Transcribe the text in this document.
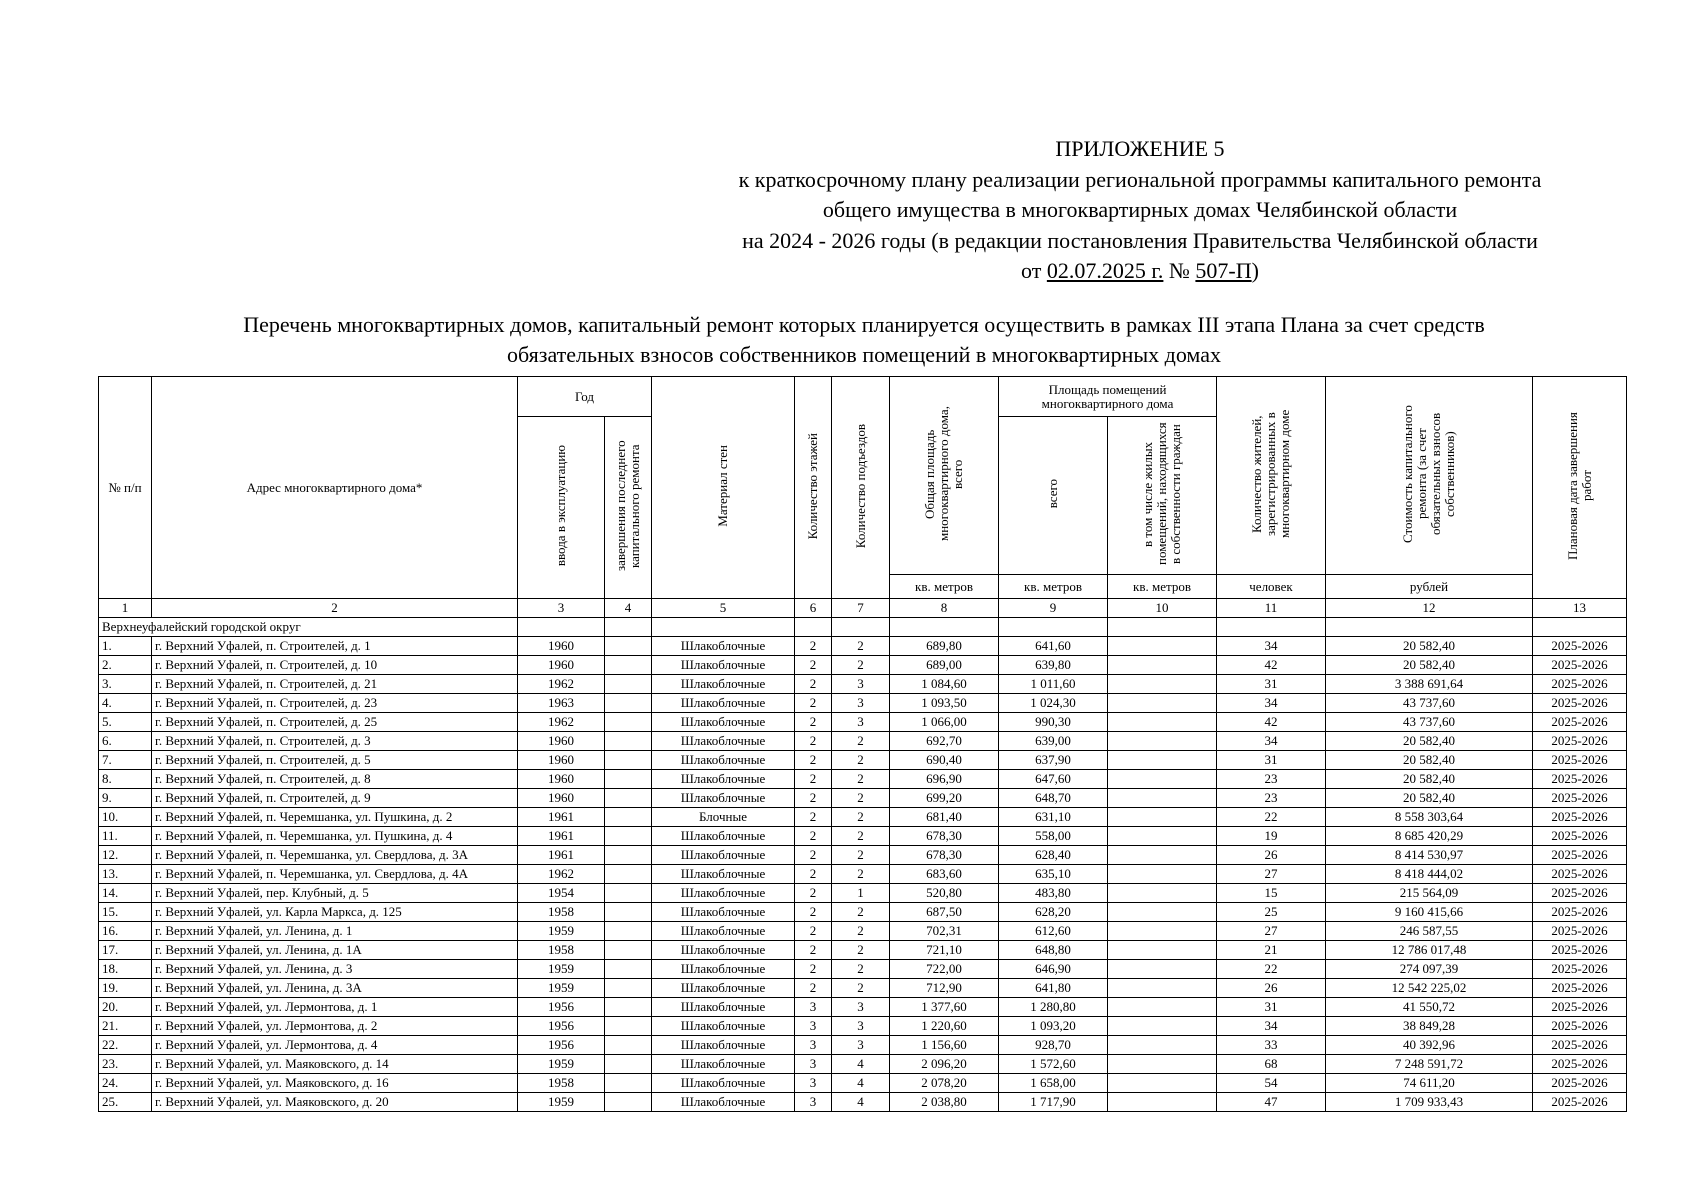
ПРИЛОЖЕНИЕ 5
к краткосрочному плану реализации региональной программы капитального ремонта
общего имущества в многоквартирных домах Челябинской области
на 2024 - 2026 годы (в редакции постановления Правительства Челябинской области
от 02.07.2025 г. № 507-П)
Перечень многоквартирных домов, капитальный ремонт которых планируется осуществить в рамках III этапа Плана за счет средств
обязательных взносов собственников помещений в многоквартирных домах
№ п/п	Адрес многоквартирного дома*	Год		Материал стен	Количество этажей	Количество подъездов	Общая площадь многоквартирного дома, всего	Площадь помещений многоквартирного дома		Количество жителей, зарегистрированных в многоквартирном доме	Стоимость капитального ремонта (за счет обязательных взносов собственников)	Плановая дата завершения работ
		ввода в эксплуатацию	завершения последнего капитального ремонта					всего	в том числе жилых помещений, находящихся в собственности граждан			
							кв. метров	кв. метров	кв. метров	человек	рублей	
1	2	3	4	5	6	7	8	9	10	11	12	13
Верхнеуфалейский городской округ												
1.	г. Верхний Уфалей, п. Строителей, д. 1	1960		Шлакоблочные	2	2	689,80	641,60		34	20 582,40	2025-2026
2.	г. Верхний Уфалей, п. Строителей, д. 10	1960		Шлакоблочные	2	2	689,00	639,80		42	20 582,40	2025-2026
3.	г. Верхний Уфалей, п. Строителей, д. 21	1962		Шлакоблочные	2	3	1 084,60	1 011,60		31	3 388 691,64	2025-2026
4.	г. Верхний Уфалей, п. Строителей, д. 23	1963		Шлакоблочные	2	3	1 093,50	1 024,30		34	43 737,60	2025-2026
5.	г. Верхний Уфалей, п. Строителей, д. 25	1962		Шлакоблочные	2	3	1 066,00	990,30		42	43 737,60	2025-2026
6.	г. Верхний Уфалей, п. Строителей, д. 3	1960		Шлакоблочные	2	2	692,70	639,00		34	20 582,40	2025-2026
7.	г. Верхний Уфалей, п. Строителей, д. 5	1960		Шлакоблочные	2	2	690,40	637,90		31	20 582,40	2025-2026
8.	г. Верхний Уфалей, п. Строителей, д. 8	1960		Шлакоблочные	2	2	696,90	647,60		23	20 582,40	2025-2026
9.	г. Верхний Уфалей, п. Строителей, д. 9	1960		Шлакоблочные	2	2	699,20	648,70		23	20 582,40	2025-2026
10.	г. Верхний Уфалей, п. Черемшанка, ул. Пушкина, д. 2	1961		Блочные	2	2	681,40	631,10		22	8 558 303,64	2025-2026
11.	г. Верхний Уфалей, п. Черемшанка, ул. Пушкина, д. 4	1961		Шлакоблочные	2	2	678,30	558,00		19	8 685 420,29	2025-2026
12.	г. Верхний Уфалей, п. Черемшанка, ул. Свердлова, д. 3А	1961		Шлакоблочные	2	2	678,30	628,40		26	8 414 530,97	2025-2026
13.	г. Верхний Уфалей, п. Черемшанка, ул. Свердлова, д. 4А	1962		Шлакоблочные	2	2	683,60	635,10		27	8 418 444,02	2025-2026
14.	г. Верхний Уфалей, пер. Клубный, д. 5	1954		Шлакоблочные	2	1	520,80	483,80		15	215 564,09	2025-2026
15.	г. Верхний Уфалей, ул. Карла Маркса, д. 125	1958		Шлакоблочные	2	2	687,50	628,20		25	9 160 415,66	2025-2026
16.	г. Верхний Уфалей, ул. Ленина, д. 1	1959		Шлакоблочные	2	2	702,31	612,60		27	246 587,55	2025-2026
17.	г. Верхний Уфалей, ул. Ленина, д. 1А	1958		Шлакоблочные	2	2	721,10	648,80		21	12 786 017,48	2025-2026
18.	г. Верхний Уфалей, ул. Ленина, д. 3	1959		Шлакоблочные	2	2	722,00	646,90		22	274 097,39	2025-2026
19.	г. Верхний Уфалей, ул. Ленина, д. 3А	1959		Шлакоблочные	2	2	712,90	641,80		26	12 542 225,02	2025-2026
20.	г. Верхний Уфалей, ул. Лермонтова, д. 1	1956		Шлакоблочные	3	3	1 377,60	1 280,80		31	41 550,72	2025-2026
21.	г. Верхний Уфалей, ул. Лермонтова, д. 2	1956		Шлакоблочные	3	3	1 220,60	1 093,20		34	38 849,28	2025-2026
22.	г. Верхний Уфалей, ул. Лермонтова, д. 4	1956		Шлакоблочные	3	3	1 156,60	928,70		33	40 392,96	2025-2026
23.	г. Верхний Уфалей, ул. Маяковского, д. 14	1959		Шлакоблочные	3	4	2 096,20	1 572,60		68	7 248 591,72	2025-2026
24.	г. Верхний Уфалей, ул. Маяковского, д. 16	1958		Шлакоблочные	3	4	2 078,20	1 658,00		54	74 611,20	2025-2026
25.	г. Верхний Уфалей, ул. Маяковского, д. 20	1959		Шлакоблочные	3	4	2 038,80	1 717,90		47	1 709 933,43	2025-2026
